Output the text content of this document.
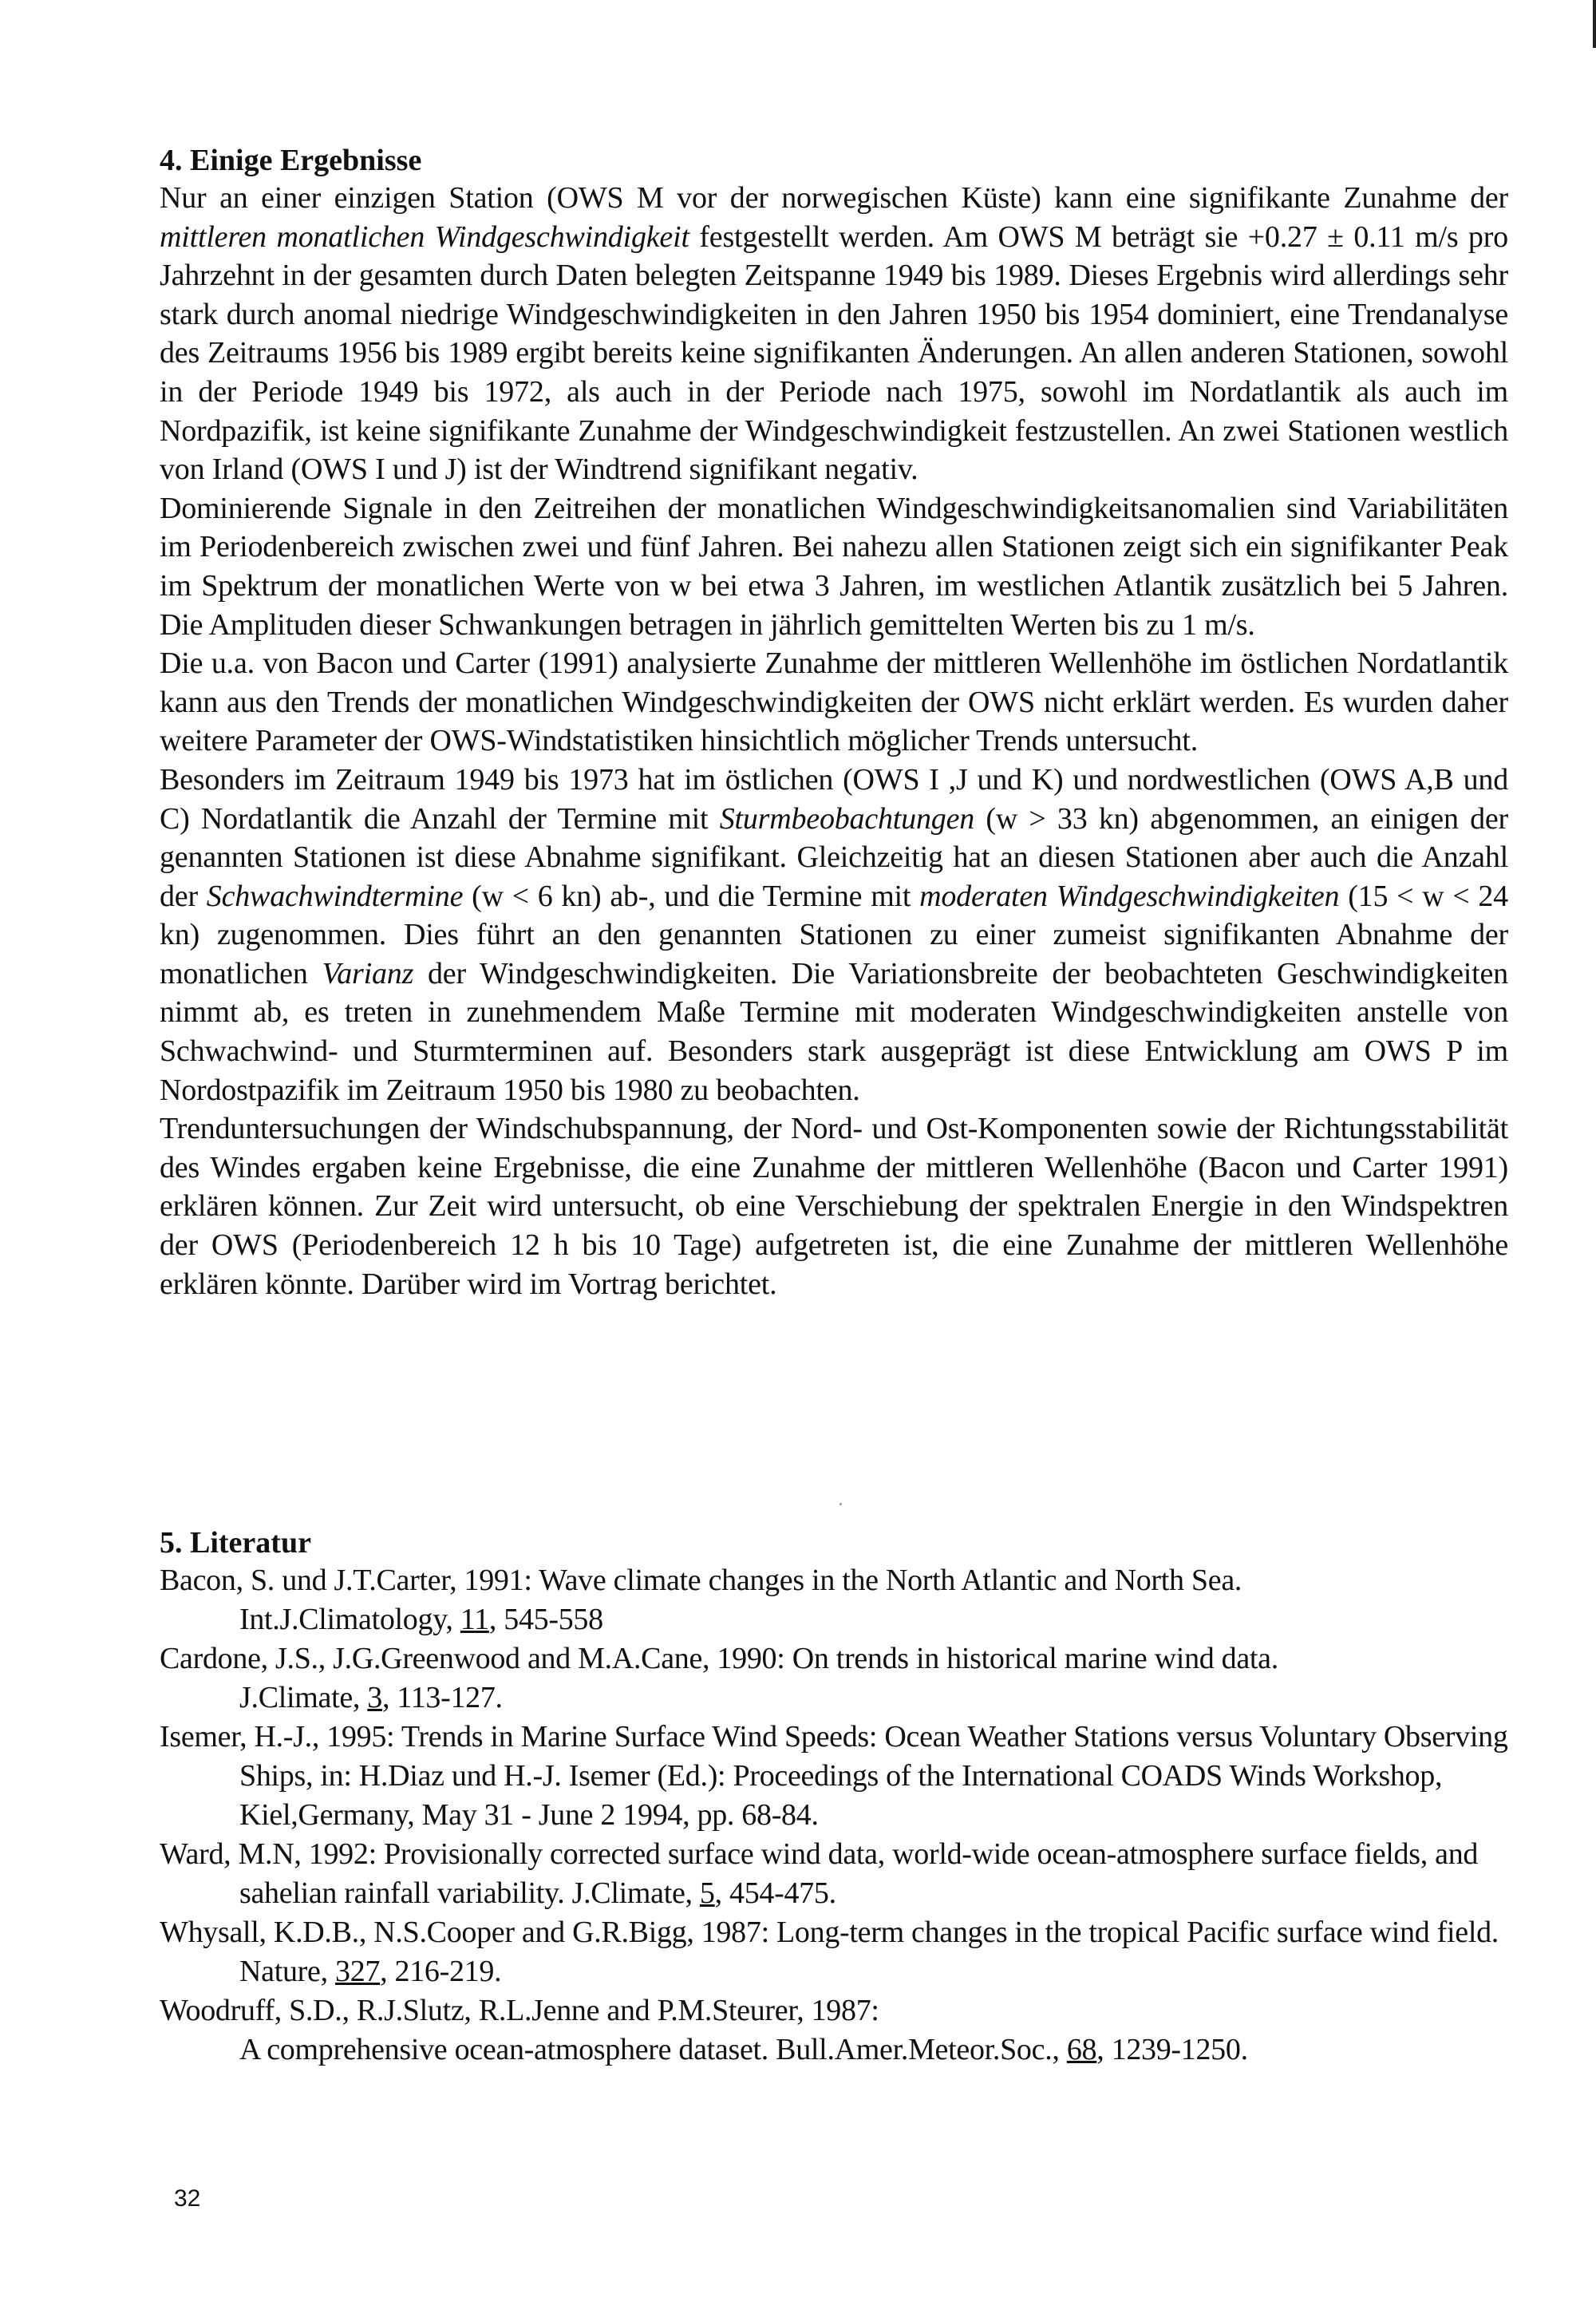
4. Einige Ergebnisse

Nur an einer einzigen Station (OWS M vor der norwegischen Küste) kann eine signifikante Zunahme der mittleren monatlichen Windgeschwindigkeit festgestellt werden. Am OWS M beträgt sie +0.27 ± 0.11 m/s pro Jahrzehnt in der gesamten durch Daten belegten Zeitspanne 1949 bis 1989. Dieses Ergebnis wird allerdings sehr stark durch anomal niedrige Windgeschwindigkeiten in den Jahren 1950 bis 1954 dominiert, eine Trendanalyse des Zeitraums 1956 bis 1989 ergibt bereits keine signifikanten Änderungen. An allen anderen Stationen, sowohl in der Periode 1949 bis 1972, als auch in der Periode nach 1975, sowohl im Nordatlantik als auch im Nordpazifik, ist keine signifikante Zunahme der Windgeschwindigkeit festzustellen. An zwei Stationen westlich von Irland (OWS I und J) ist der Windtrend signifikant negativ.

Dominierende Signale in den Zeitreihen der monatlichen Windgeschwindigkeitsanomalien sind Variabilitäten im Periodenbereich zwischen zwei und fünf Jahren. Bei nahezu allen Stationen zeigt sich ein signifikanter Peak im Spektrum der monatlichen Werte von w bei etwa 3 Jahren, im westlichen Atlantik zusätzlich bei 5 Jahren. Die Amplituden dieser Schwankungen betragen in jährlich gemittelten Werten bis zu 1 m/s.

Die u.a. von Bacon und Carter (1991) analysierte Zunahme der mittleren Wellenhöhe im östlichen Nordatlantik kann aus den Trends der monatlichen Windgeschwindigkeiten der OWS nicht erklärt werden. Es wurden daher weitere Parameter der OWS-Windstatistiken hinsichtlich möglicher Trends untersucht.

Besonders im Zeitraum 1949 bis 1973 hat im östlichen (OWS I ,J und K) und nordwestlichen (OWS A,B und C) Nordatlantik die Anzahl der Termine mit Sturmbeobachtungen (w > 33 kn) abgenommen, an einigen der genannten Stationen ist diese Abnahme signifikant. Gleichzeitig hat an diesen Stationen aber auch die Anzahl der Schwachwindtermine (w < 6 kn) ab-, und die Termine mit moderaten Windgeschwindigkeiten (15 < w < 24 kn) zugenommen. Dies führt an den genannten Stationen zu einer zumeist signifikanten Abnahme der monatlichen Varianz der Windgeschwindigkeiten. Die Variationsbreite der beobachteten Geschwindigkeiten nimmt ab, es treten in zunehmendem Maße Termine mit moderaten Windgeschwindigkeiten anstelle von Schwachwind- und Sturmterminen auf. Besonders stark ausgeprägt ist diese Entwicklung am OWS P im Nordostpazifik im Zeitraum 1950 bis 1980 zu beobachten.

Trenduntersuchungen der Windschubspannung, der Nord- und Ost-Komponenten sowie der Richtungsstabilität des Windes ergaben keine Ergebnisse, die eine Zunahme der mittleren Wellenhöhe (Bacon und Carter 1991) erklären können. Zur Zeit wird untersucht, ob eine Verschiebung der spektralen Energie in den Windspektren der OWS (Periodenbereich 12 h bis 10 Tage) aufgetreten ist, die eine Zunahme der mittleren Wellenhöhe erklären könnte. Darüber wird im Vortrag berichtet.

5. Literatur
Bacon, S. und J.T.Carter, 1991: Wave climate changes in the North Atlantic and North Sea.
Int.J.Climatology, 11, 545-558
Cardone, J.S., J.G.Greenwood and M.A.Cane, 1990: On trends in historical marine wind data.
J.Climate, 3, 113-127.
Isemer, H.-J., 1995: Trends in Marine Surface Wind Speeds: Ocean Weather Stations versus Voluntary Observing Ships, in: H.Diaz und H.-J. Isemer (Ed.): Proceedings of the International COADS Winds Workshop, Kiel,Germany, May 31 - June 2 1994, pp. 68-84.
Ward, M.N, 1992: Provisionally corrected surface wind data, world-wide ocean-atmosphere surface fields, and sahelian rainfall variability. J.Climate, 5, 454-475.
Whysall, K.D.B., N.S.Cooper and G.R.Bigg, 1987: Long-term changes in the tropical Pacific surface wind field. Nature, 327, 216-219.
Woodruff, S.D., R.J.Slutz, R.L.Jenne and P.M.Steurer, 1987:
A comprehensive ocean-atmosphere dataset. Bull.Amer.Meteor.Soc., 68, 1239-1250.
32
